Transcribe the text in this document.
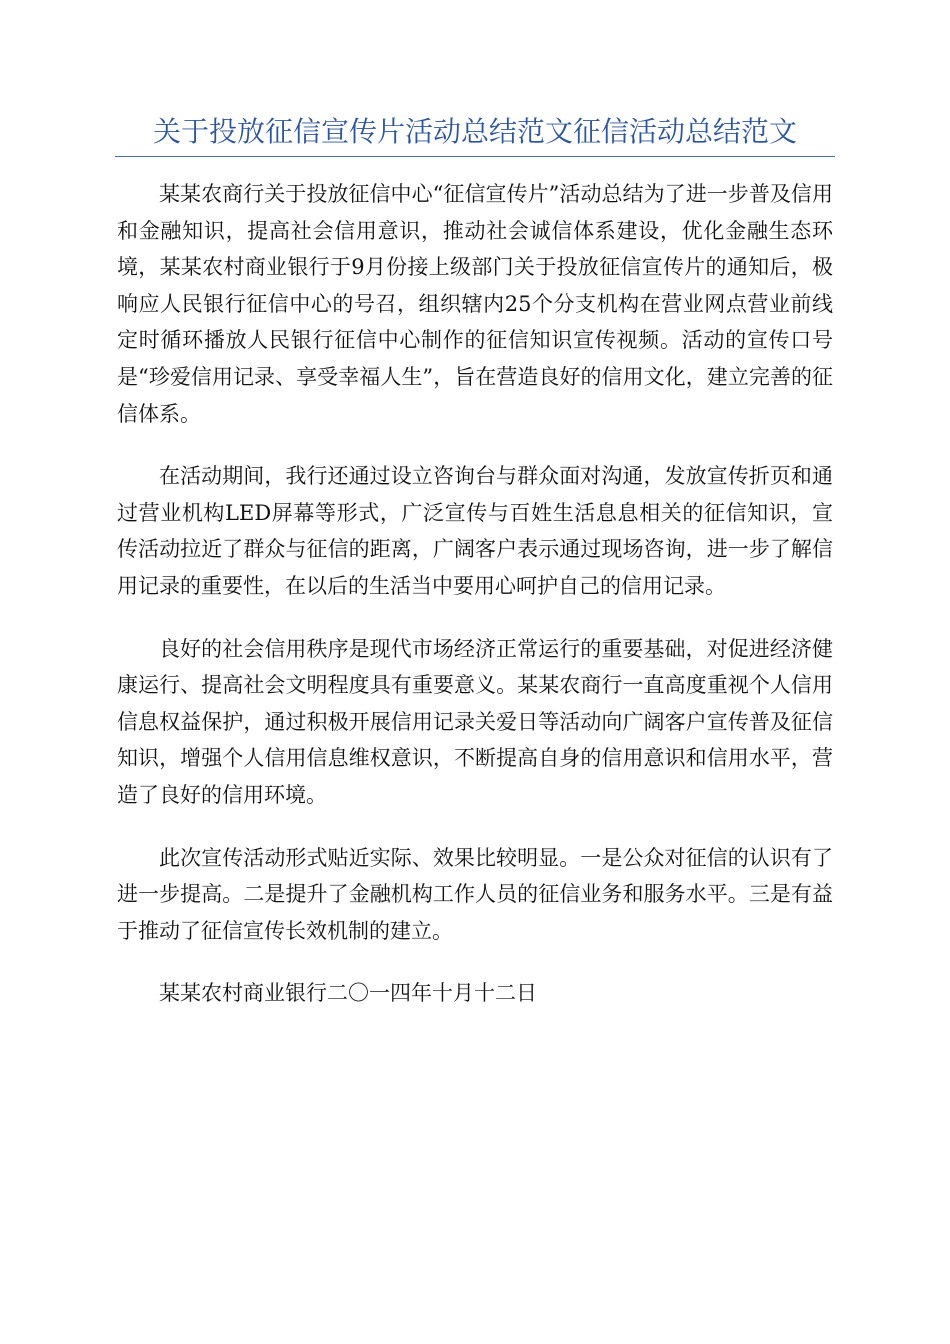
关于投放征信宣传片活动总结范文征信活动总结范文

某某农商行关于投放征信中心“征信宣传片”活动总结为了进一步普及信用和金融知识，提高社会信用意识，推动社会诚信体系建设，优化金融生态环境，某某农村商业银行于9月份接上级部门关于投放征信宣传片的通知后，极响应人民银行征信中心的号召，组织辖内25个分支机构在营业网点营业前线定时循环播放人民银行征信中心制作的征信知识宣传视频。活动的宣传口号是“珍爱信用记录、享受幸福人生”，旨在营造良好的信用文化，建立完善的征信体系。

在活动期间，我行还通过设立咨询台与群众面对沟通，发放宣传折页和通过营业机构LED屏幕等形式，广泛宣传与百姓生活息息相关的征信知识，宣传活动拉近了群众与征信的距离，广阔客户表示通过现场咨询，进一步了解信用记录的重要性，在以后的生活当中要用心呵护自己的信用记录。

良好的社会信用秩序是现代市场经济正常运行的重要基础，对促进经济健康运行、提高社会文明程度具有重要意义。某某农商行一直高度重视个人信用信息权益保护，通过积极开展信用记录关爱日等活动向广阔客户宣传普及征信知识，增强个人信用信息维权意识，不断提高自身的信用意识和信用水平，营造了良好的信用环境。

此次宣传活动形式贴近实际、效果比较明显。一是公众对征信的认识有了进一步提高。二是提升了金融机构工作人员的征信业务和服务水平。三是有益于推动了征信宣传长效机制的建立。

某某农村商业银行二〇一四年十月十二日
